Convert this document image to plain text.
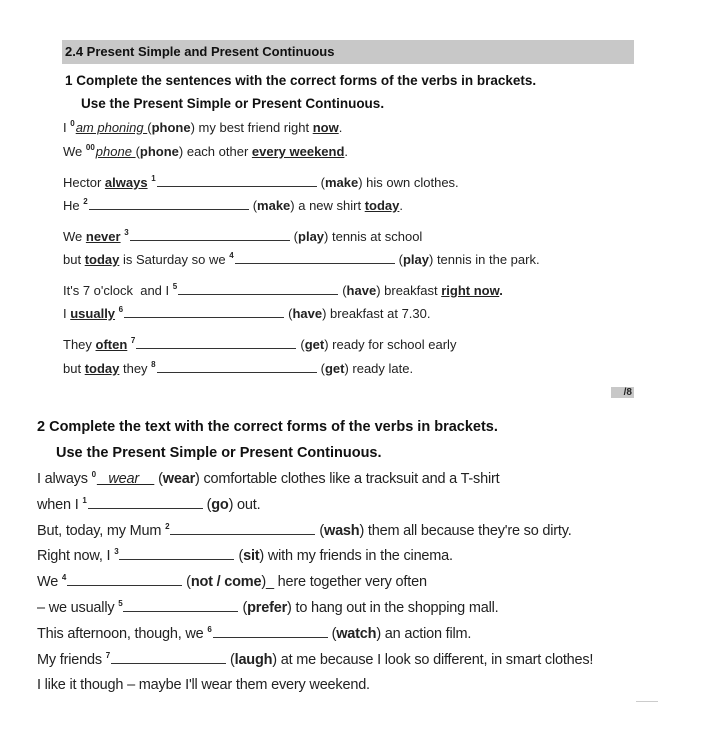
2.4 Present Simple and Present Continuous
1 Complete the sentences with the correct forms of the verbs in brackets.
Use the Present Simple or Present Continuous.
I $^0$am phoning (phone) my best friend right now.
We $^{00}$phone (phone) each other every weekend.
Hector always $^1$	(make) his own clothes.
He $^2$	(make) a new shirt today.
We never $^3$	(play) tennis at school
but today is Saturday so we $^4$	(play) tennis in the park.
It's 7 o'clock  and I $^5$	(have) breakfast right now.
I usually $^6$	(have) breakfast at 7.30.
They often $^7$	(get) ready for school early
but today they $^8$	(get) ready late.
/8
2 Complete the text with the correct forms of the verbs in brackets.
Use the Present Simple or Present Continuous.
I always $^0$   wear     (wear) comfortable clothes like a tracksuit and a T-shirt
when I $^1$	(go) out.
But, today, my Mum $^2$	(wash) them all because they're so dirty.
Right now, I $^3$	(sit) with my friends in the cinema.
We $^4$	(not / come)_ here together very often
– we usually $^5$	(prefer) to hang out in the shopping mall.
This afternoon, though, we $^6$	(watch) an action film.
My friends $^7$	(laugh) at me because I look so different, in smart clothes!
I like it though – maybe I'll wear them every weekend.
